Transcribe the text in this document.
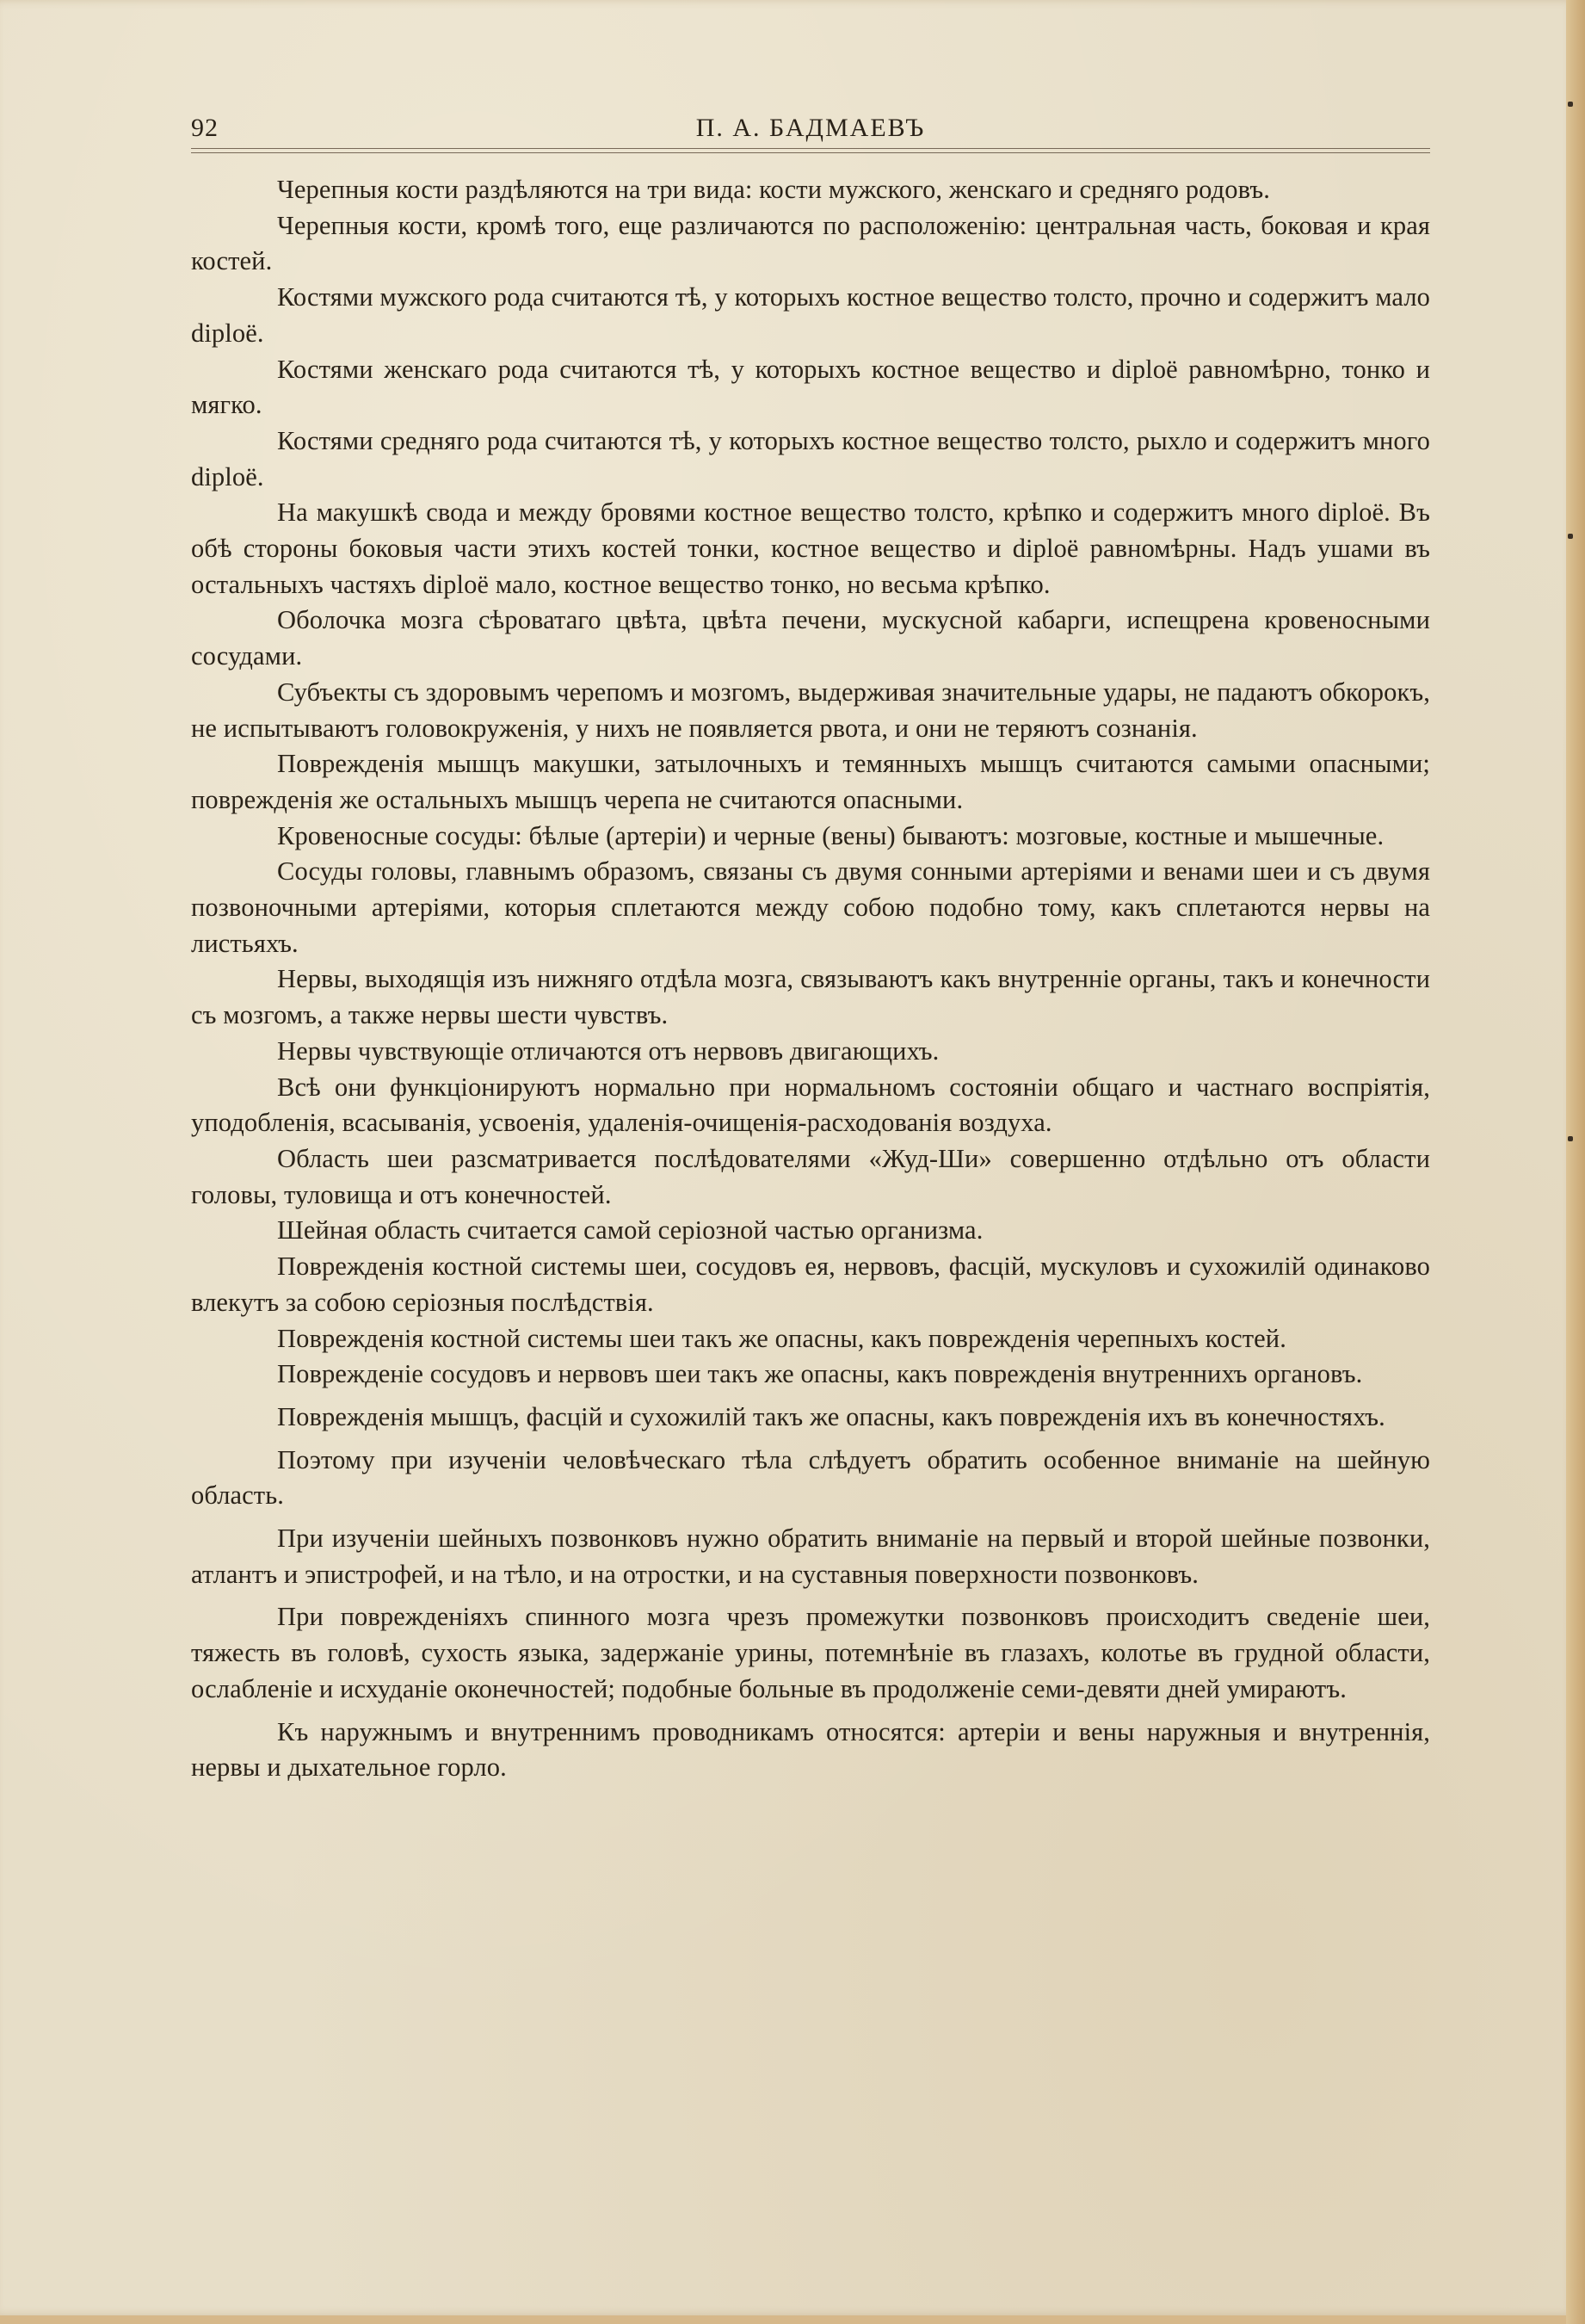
92	П. А. БАДМАЕВЪ

Черепныя кости раздѣляются на три вида: кости мужского, женскаго и средняго родовъ.

Черепныя кости, кромѣ того, еще различаются по расположенію: центральная часть, боковая и края костей.

Костями мужского рода считаются тѣ, у которыхъ костное вещество толсто, прочно и содержитъ мало diploë.

Костями женскаго рода считаются тѣ, у которыхъ костное вещество и diploë равномѣрно, тонко и мягко.

Костями средняго рода считаются тѣ, у которыхъ костное вещество толсто, рыхло и содержитъ много diploë.

На макушкѣ свода и между бровями костное вещество толсто, крѣпко и содержитъ много diploë. Въ обѣ стороны боковыя части этихъ костей тонки, костное вещество и diploë равномѣрны. Надъ ушами въ остальныхъ частяхъ diploë мало, костное вещество тонко, но весьма крѣпко.

Оболочка мозга сѣроватаго цвѣта, цвѣта печени, мускусной кабарги, испещрена кровеносными сосудами.

Субъекты съ здоровымъ черепомъ и мозгомъ, выдерживая значительные удары, не падаютъ обкорокъ, не испытываютъ головокруженія, у нихъ не появляется рвота, и они не теряютъ сознанія.

Поврежденія мышцъ макушки, затылочныхъ и темянныхъ мышцъ считаются самыми опасными; поврежденія же остальныхъ мышцъ черепа не считаются опасными.

Кровеносные сосуды: бѣлые (артеріи) и черные (вены) бываютъ: мозговые, костные и мышечные.

Сосуды головы, главнымъ образомъ, связаны съ двумя сонными артеріями и венами шеи и съ двумя позвоночными артеріями, которыя сплетаются между собою подобно тому, какъ сплетаются нервы на листьяхъ.

Нервы, выходящія изъ нижняго отдѣла мозга, связываютъ какъ внутренніе органы, такъ и конечности съ мозгомъ, а также нервы шести чувствъ.

Нервы чувствующіе отличаются отъ нервовъ двигающихъ.

Всѣ они функціонируютъ нормально при нормальномъ состояніи общаго и частнаго воспріятія, уподобленія, всасыванія, усвоенія, удаленія-очищенія-расходованія воздуха.

Область шеи разсматривается послѣдователями «Жуд-Ши» совершенно отдѣльно отъ области головы, туловища и отъ конечностей.

Шейная область считается самой серіозной частью организма.

Поврежденія костной системы шеи, сосудовъ ея, нервовъ, фасцій, мускуловъ и сухожилій одинаково влекутъ за собою серіозныя послѣдствія.

Поврежденія костной системы шеи такъ же опасны, какъ поврежденія черепныхъ костей.

Поврежденіе сосудовъ и нервовъ шеи такъ же опасны, какъ поврежденія внутреннихъ органовъ.

Поврежденія мышцъ, фасцій и сухожилій такъ же опасны, какъ поврежденія ихъ въ конечностяхъ.

Поэтому при изученіи человѣческаго тѣла слѣдуетъ обратить особенное вниманіе на шейную область.

При изученіи шейныхъ позвонковъ нужно обратить вниманіе на первый и второй шейные позвонки, атлантъ и эпистрофей, и на тѣло, и на отростки, и на суставныя поверхности позвонковъ.

При поврежденіяхъ спинного мозга чрезъ промежутки позвонковъ происходитъ сведеніе шеи, тяжесть въ головѣ, сухость языка, задержаніе урины, потемнѣніе въ глазахъ, колотье въ грудной области, ослабленіе и исхуданіе оконечностей; подобные больные въ продолженіе семи-девяти дней умираютъ.

Къ наружнымъ и внутреннимъ проводникамъ относятся: артеріи и вены наружныя и внутреннія, нервы и дыхательное горло.
